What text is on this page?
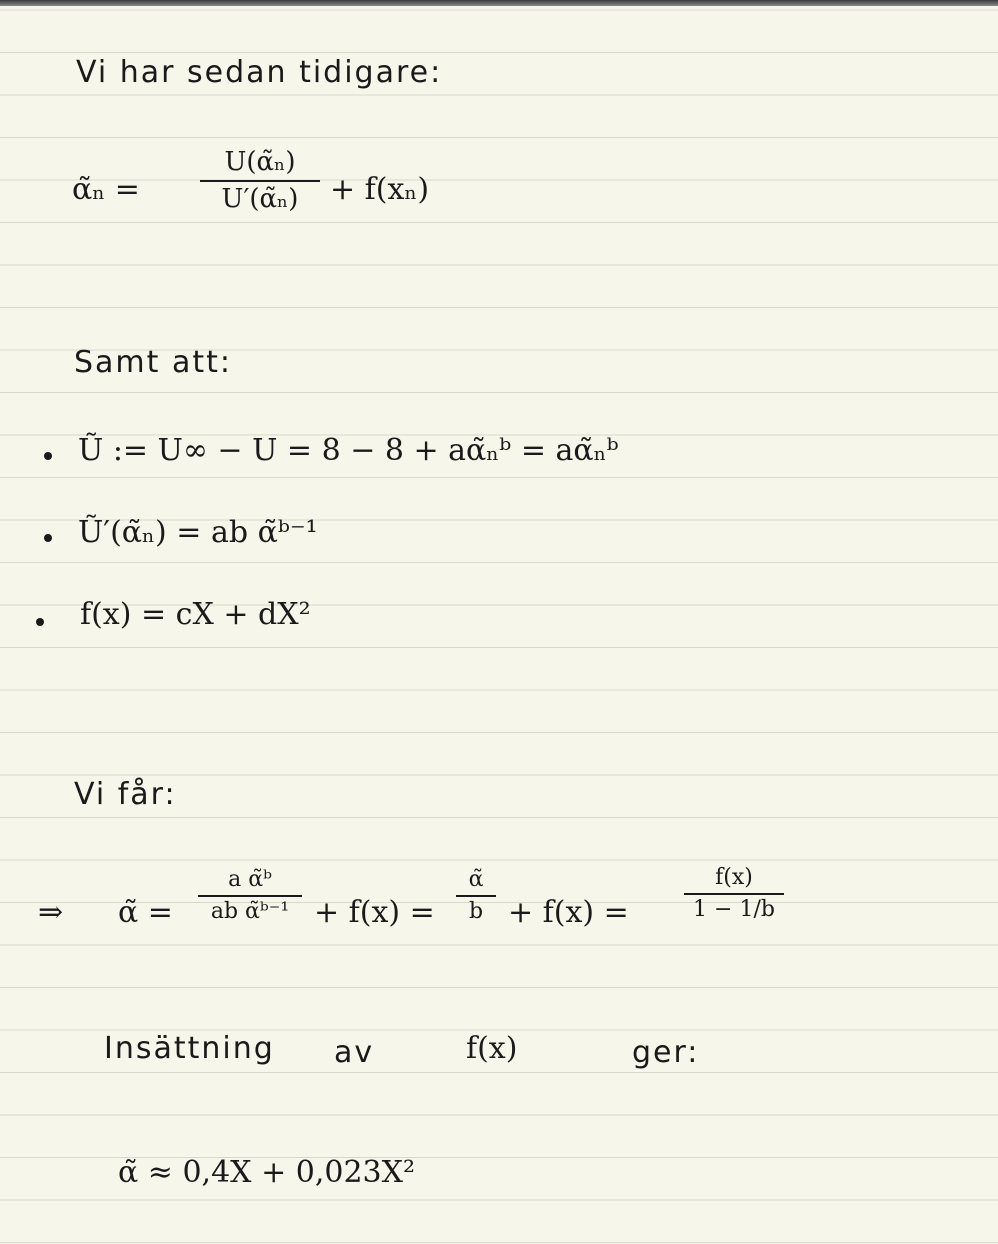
Vi har sedan tidigare:
α̃ₙ =
U(α̃ₙ)
U′(α̃ₙ)	+ f(xₙ)
Samt att:
Ũ := U∞ − U = 8 − 8 + aα̃ₙᵇ = aα̃ₙᵇ
Ũ′(α̃ₙ) = ab α̃ᵇ⁻¹
f(x) = cX + dX²
Vi får:
⇒ α̃ =
a α̃ᵇ
ab α̃ᵇ⁻¹ + f(x) =
α̃
b + f(x) =
f(x)
1 − 1/b
Insättning av	f(x)	ger:
α̃ ≈ 0,4X + 0,023X²
